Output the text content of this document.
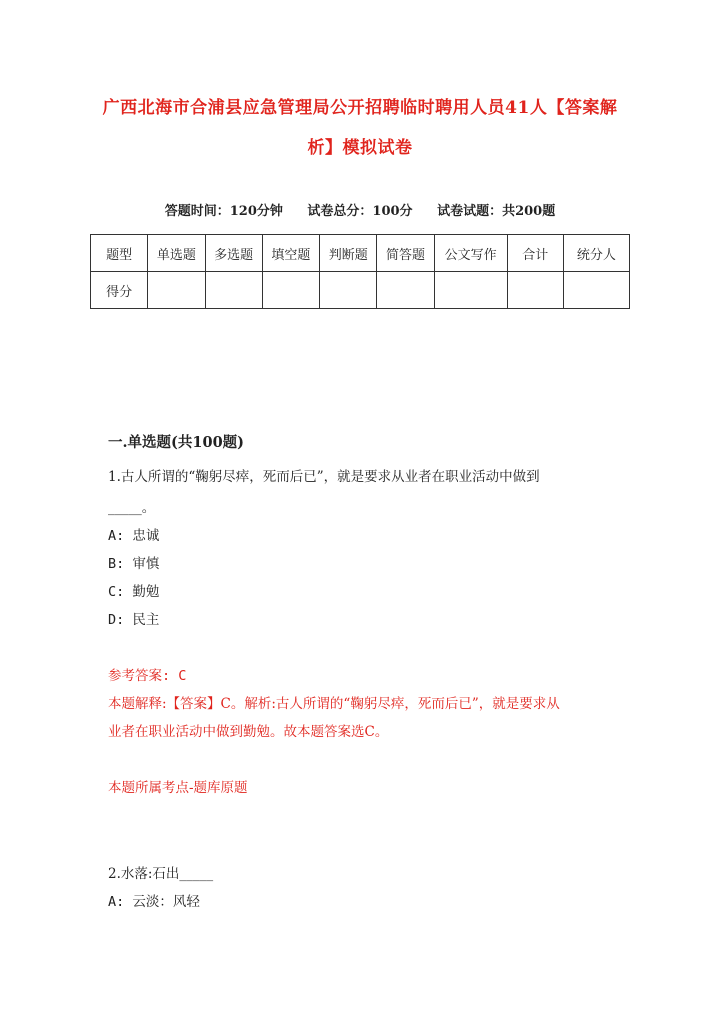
广西北海市合浦县应急管理局公开招聘临时聘用人员41人【答案解
析】模拟试卷
答题时间：120分钟 试卷总分：100分 试卷试题：共200题
题型	单选题	多选题	填空题	判断题	简答题	公文写作	合计	统分人
得分								
一.单选题(共100题)
1.古人所谓的“鞠躬尽瘁，死而后已”，就是要求从业者在职业活动中做到
_____。
A: 忠诚
B: 审慎
C: 勤勉
D: 民主
参考答案: C
本题解释:【答案】C。解析:古人所谓的“鞠躬尽瘁，死而后已”，就是要求从
业者在职业活动中做到勤勉。故本题答案选C。
本题所属考点-题库原题
2.水落:石出_____
A: 云淡：风轻
